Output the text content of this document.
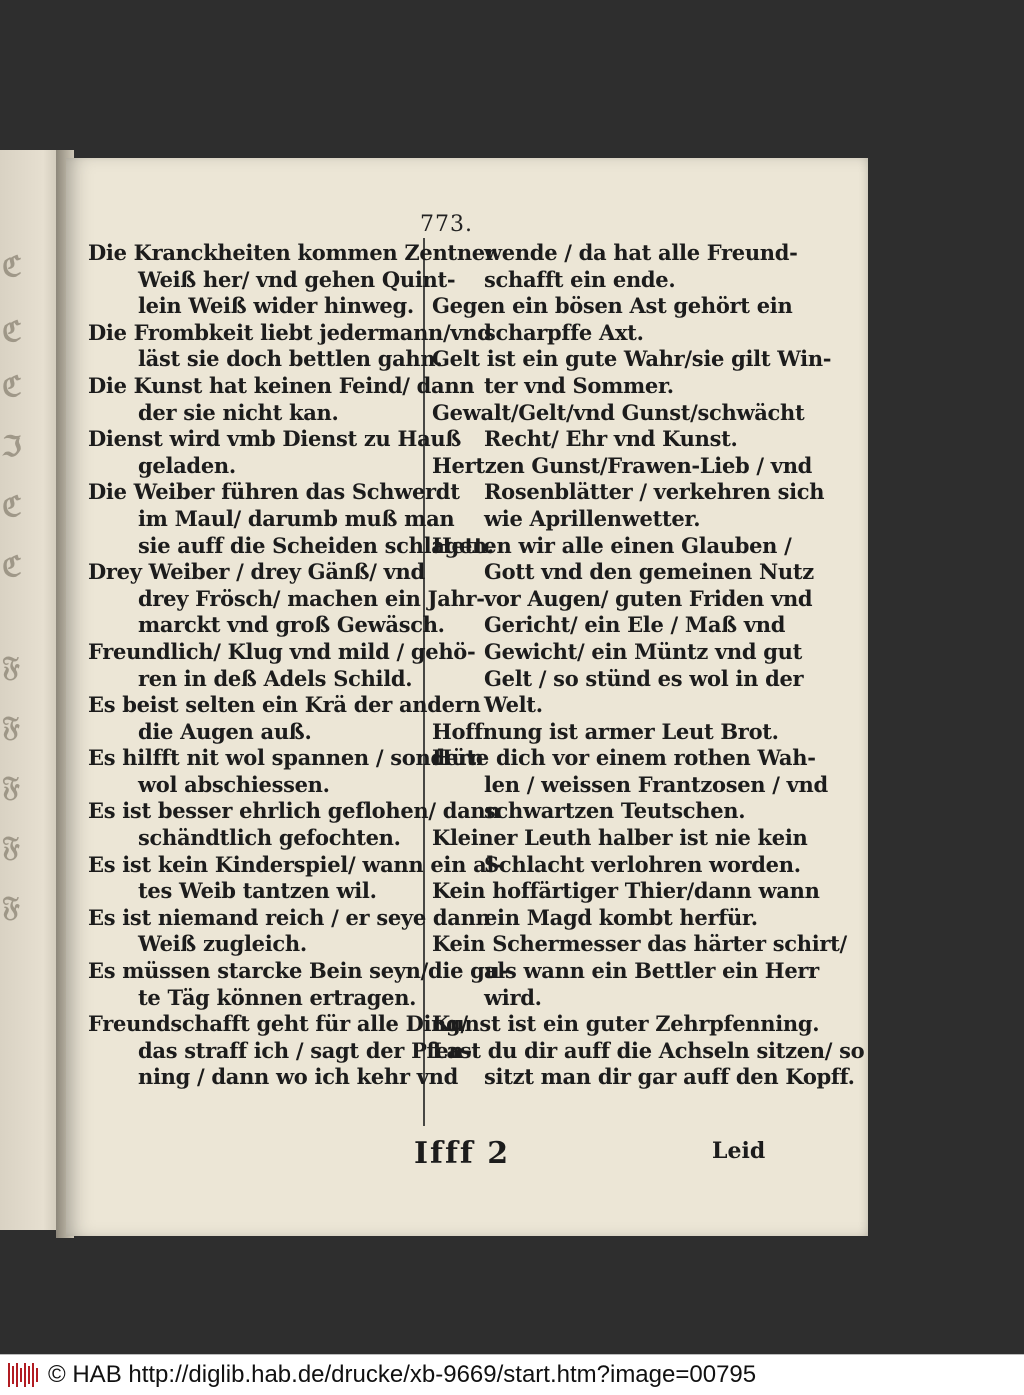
ℭ
ℭ
ℭ
ℑ
ℭ
ℭ
𝔉
𝔉
𝔉
𝔉
𝔉
773.
Die Kranckheiten kommen Zentner
Weiß her/ vnd gehen Quint-
lein Weiß wider hinweg.
Die Frombkeit liebt jedermann/vnd
läst sie doch bettlen gahn.
Die Kunst hat keinen Feind/ dann
der sie nicht kan.
Dienst wird vmb Dienst zu Hauß
geladen.
Die Weiber führen das Schwerdt
im Maul/ darumb muß man
sie auff die Scheiden schlagen.
Drey Weiber / drey Gänß/ vnd
drey Frösch/ machen ein Jahr-
marckt vnd groß Gewäsch.
Freundlich/ Klug vnd mild / gehö-
ren in deß Adels Schild.
Es beist selten ein Krä der andern
die Augen auß.
Es hilfft nit wol spannen / sondern
wol abschiessen.
Es ist besser ehrlich geflohen/ dann
schändtlich gefochten.
Es ist kein Kinderspiel/ wann ein al-
tes Weib tantzen wil.
Es ist niemand reich / er seye dann
Weiß zugleich.
Es müssen starcke Bein seyn/die gu-
te Täg können ertragen.
Freundschafft geht für alle Ding/
das straff ich / sagt der Pfen-
ning / dann wo ich kehr vnd
wende / da hat alle Freund-
schafft ein ende.
Gegen ein bösen Ast gehört ein
scharpffe Axt.
Gelt ist ein gute Wahr/sie gilt Win-
ter vnd Sommer.
Gewalt/Gelt/vnd Gunst/schwächt
Recht/ Ehr vnd Kunst.
Hertzen Gunst/Frawen-Lieb / vnd
Rosenblätter / verkehren sich
wie Aprillenwetter.
Hetten wir alle einen Glauben /
Gott vnd den gemeinen Nutz
vor Augen/ guten Friden vnd
Gericht/ ein Ele / Maß vnd
Gewicht/ ein Müntz vnd gut
Gelt / so stünd es wol in der
Welt.
Hoffnung ist armer Leut Brot.
Hüte dich vor einem rothen Wah-
len / weissen Frantzosen / vnd
schwartzen Teutschen.
Kleiner Leuth halber ist nie kein
Schlacht verlohren worden.
Kein hoffärtiger Thier/dann wann
ein Magd kombt herfür.
Kein Schermesser das härter schirt/
als wann ein Bettler ein Herr
wird.
Kunst ist ein guter Zehrpfenning.
Last du dir auff die Achseln sitzen/ so
sitzt man dir gar auff den Kopff.
Ifff 2	Leid
© HAB http://diglib.hab.de/drucke/xb-9669/start.htm?image=00795
